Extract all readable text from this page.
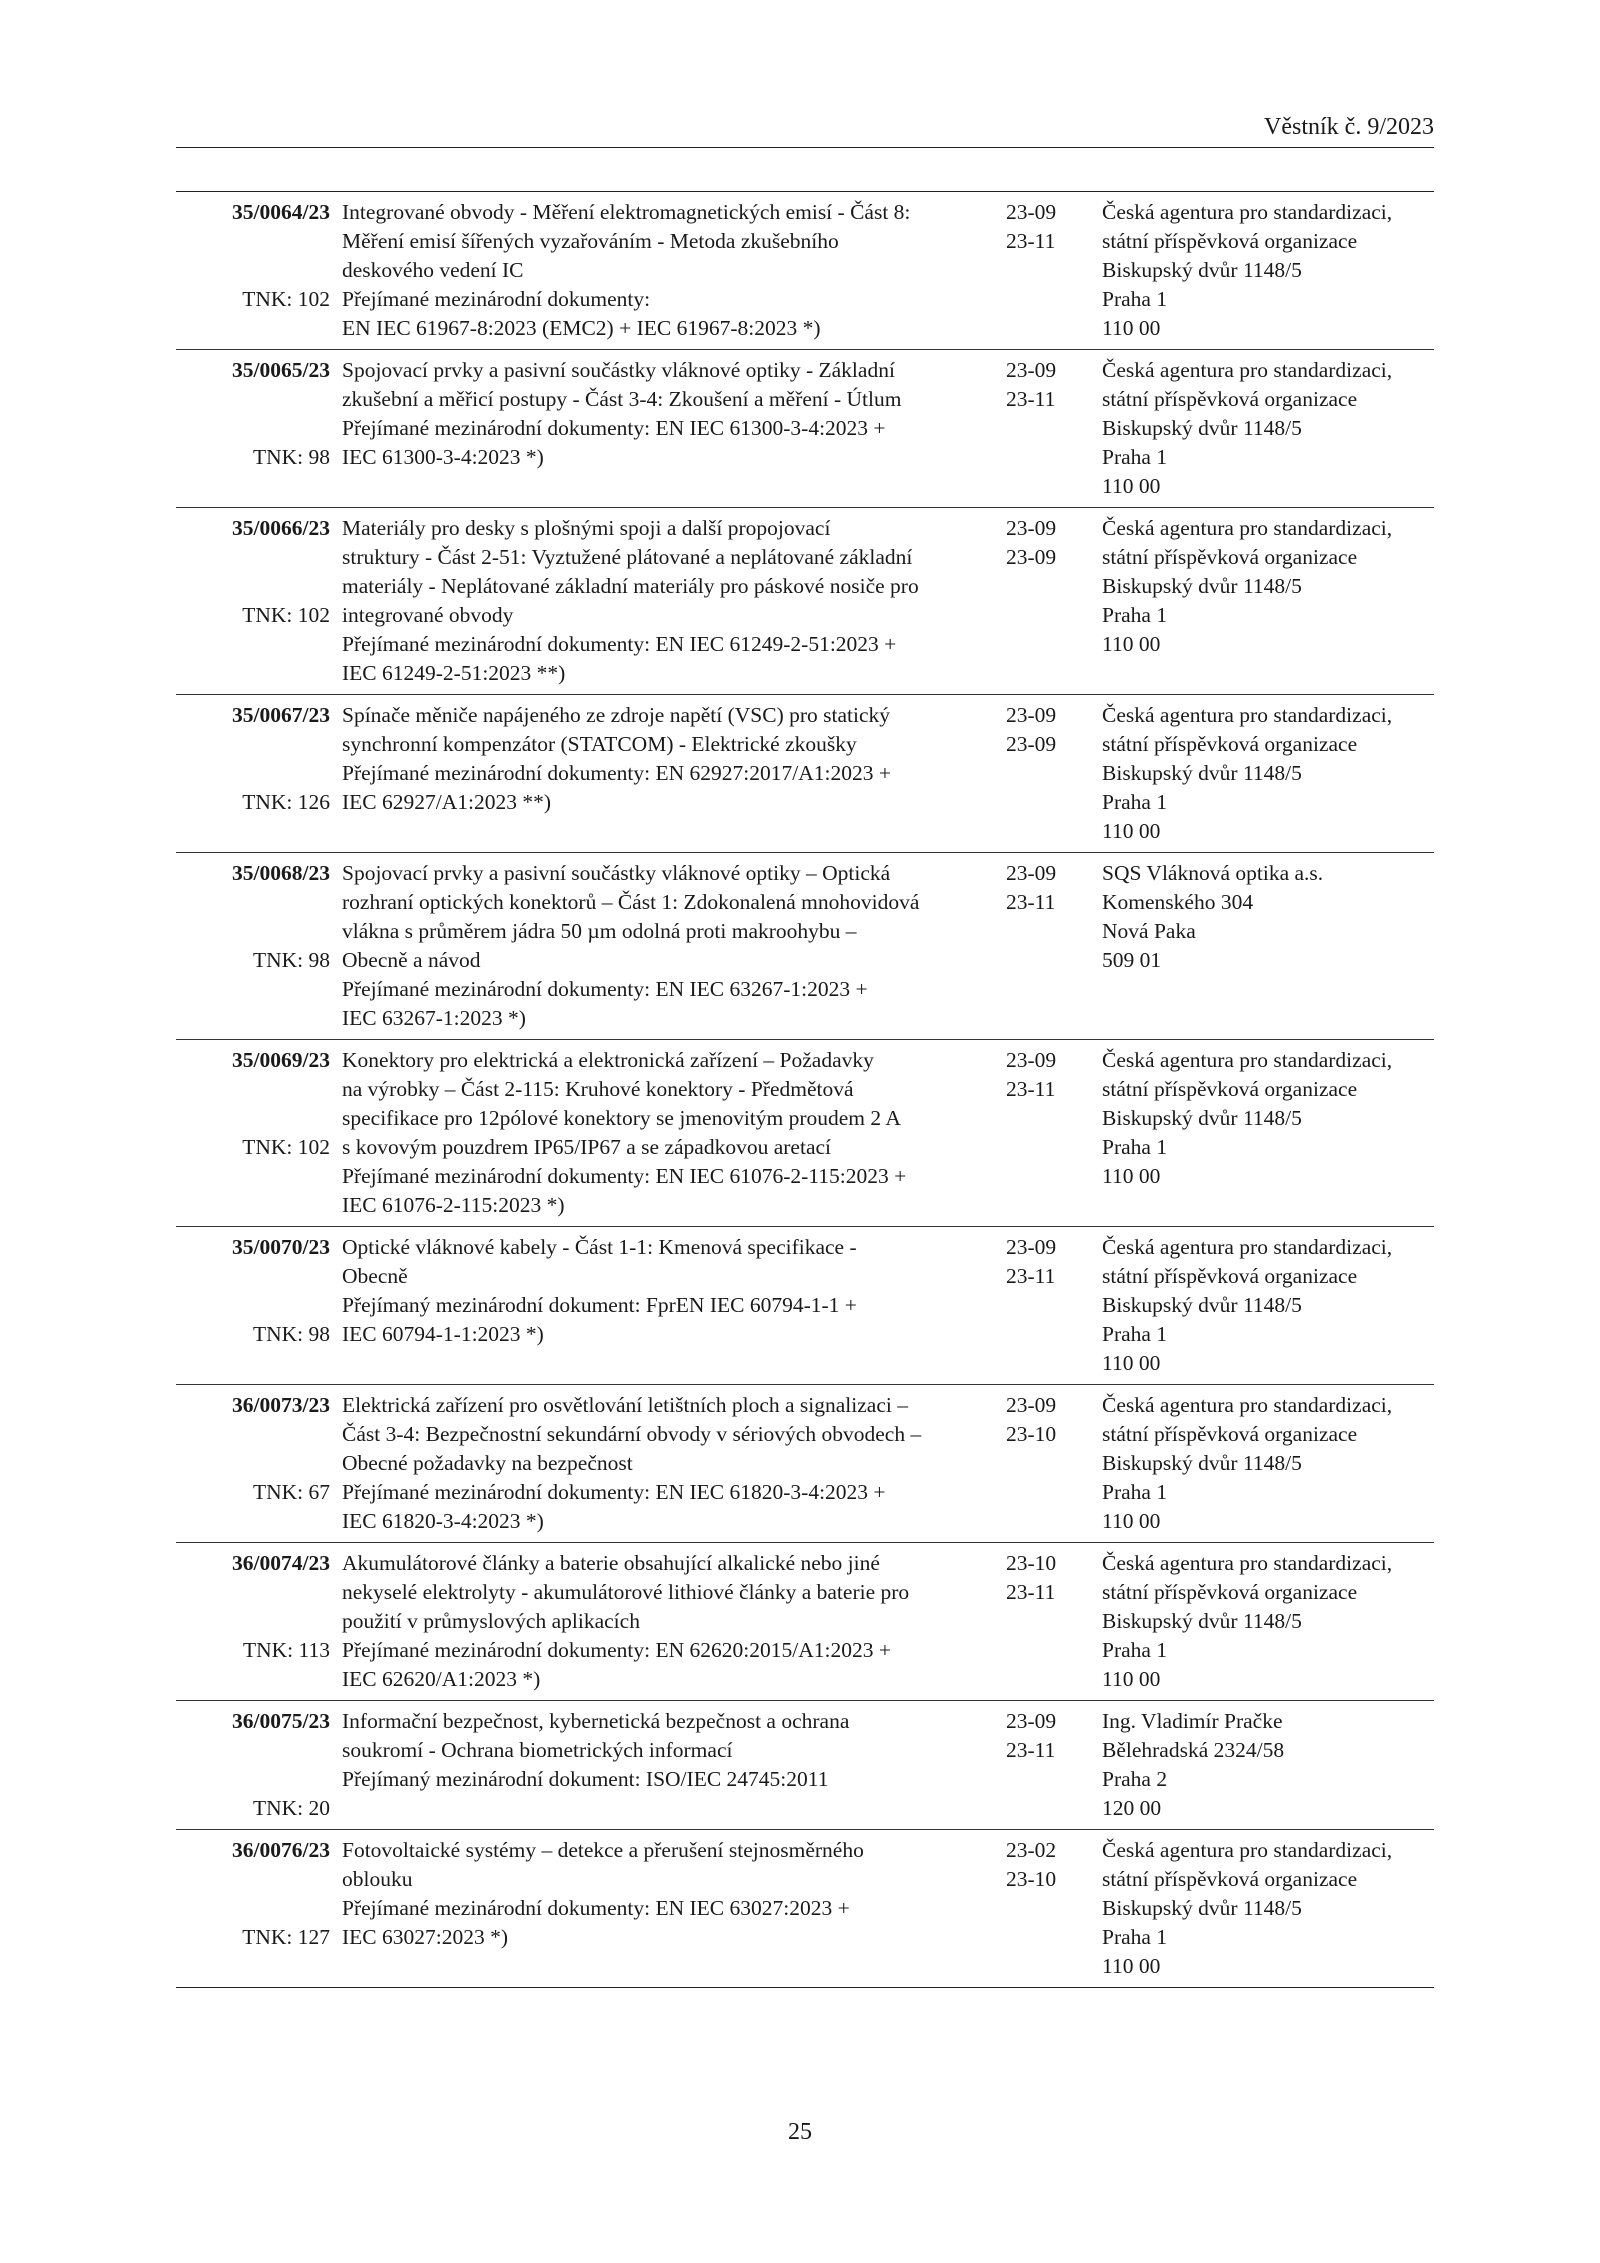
Věstník č. 9/2023
35/0064/23
TNK: 102
Integrované obvody - Měření elektromagnetických emisí - Část 8:
Měření emisí šířených vyzařováním - Metoda zkušebního
deskového vedení IC
Přejímané mezinárodní dokumenty:
EN IEC 61967-8:2023 (EMC2) + IEC 61967-8:2023 *)
23-09
23-11
Česká agentura pro standardizaci,
státní příspěvková organizace
Biskupský dvůr 1148/5
Praha 1
110 00
35/0065/23
TNK: 98
Spojovací prvky a pasivní součástky vláknové optiky - Základní
zkušební a měřicí postupy - Část 3-4: Zkoušení a měření - Útlum
Přejímané mezinárodní dokumenty: EN IEC 61300-3-4:2023 +
IEC 61300-3-4:2023 *)
23-09
23-11
Česká agentura pro standardizaci,
státní příspěvková organizace
Biskupský dvůr 1148/5
Praha 1
110 00
35/0066/23
TNK: 102
Materiály pro desky s plošnými spoji a další propojovací
struktury - Část 2-51: Vyztužené plátované a neplátované základní
materiály - Neplátované základní materiály pro páskové nosiče pro
integrované obvody
Přejímané mezinárodní dokumenty: EN IEC 61249-2-51:2023 +
IEC 61249-2-51:2023 **)
23-09
23-09
Česká agentura pro standardizaci,
státní příspěvková organizace
Biskupský dvůr 1148/5
Praha 1
110 00
35/0067/23
TNK: 126
Spínače měniče napájeného ze zdroje napětí (VSC) pro statický
synchronní kompenzátor (STATCOM) - Elektrické zkoušky
Přejímané mezinárodní dokumenty: EN 62927:2017/A1:2023 +
IEC 62927/A1:2023 **)
23-09
23-09
Česká agentura pro standardizaci,
státní příspěvková organizace
Biskupský dvůr 1148/5
Praha 1
110 00
35/0068/23
TNK: 98
Spojovací prvky a pasivní součástky vláknové optiky – Optická
rozhraní optických konektorů – Část 1: Zdokonalená mnohovidová
vlákna s průměrem jádra 50 µm odolná proti makroohybu –
Obecně a návod
Přejímané mezinárodní dokumenty: EN IEC 63267-1:2023 +
IEC 63267-1:2023 *)
23-09
23-11
SQS Vláknová optika a.s.
Komenského 304
Nová Paka
509 01
35/0069/23
TNK: 102
Konektory pro elektrická a elektronická zařízení – Požadavky
na výrobky – Část 2-115: Kruhové konektory - Předmětová
specifikace pro 12pólové konektory se jmenovitým proudem 2 A
s kovovým pouzdrem IP65/IP67 a se západkovou aretací
Přejímané mezinárodní dokumenty: EN IEC 61076-2-115:2023 +
IEC 61076-2-115:2023 *)
23-09
23-11
Česká agentura pro standardizaci,
státní příspěvková organizace
Biskupský dvůr 1148/5
Praha 1
110 00
35/0070/23
TNK: 98
Optické vláknové kabely - Část 1-1: Kmenová specifikace -
Obecně
Přejímaný mezinárodní dokument: FprEN IEC 60794-1-1 +
IEC 60794-1-1:2023 *)
23-09
23-11
Česká agentura pro standardizaci,
státní příspěvková organizace
Biskupský dvůr 1148/5
Praha 1
110 00
36/0073/23
TNK: 67
Elektrická zařízení pro osvětlování letištních ploch a signalizaci –
Část 3-4: Bezpečnostní sekundární obvody v sériových obvodech –
Obecné požadavky na bezpečnost
Přejímané mezinárodní dokumenty: EN IEC 61820-3-4:2023 +
IEC 61820-3-4:2023 *)
23-09
23-10
Česká agentura pro standardizaci,
státní příspěvková organizace
Biskupský dvůr 1148/5
Praha 1
110 00
36/0074/23
TNK: 113
Akumulátorové články a baterie obsahující alkalické nebo jiné
nekyselé elektrolyty - akumulátorové lithiové články a baterie pro
použití v průmyslových aplikacích
Přejímané mezinárodní dokumenty: EN 62620:2015/A1:2023 +
IEC 62620/A1:2023 *)
23-10
23-11
Česká agentura pro standardizaci,
státní příspěvková organizace
Biskupský dvůr 1148/5
Praha 1
110 00
36/0075/23
TNK: 20
Informační bezpečnost, kybernetická bezpečnost a ochrana
soukromí - Ochrana biometrických informací
Přejímaný mezinárodní dokument: ISO/IEC 24745:2011
23-09
23-11
Ing. Vladimír Pračke
Bělehradská 2324/58
Praha 2
120 00
36/0076/23
TNK: 127
Fotovoltaické systémy – detekce a přerušení stejnosměrného
oblouku
Přejímané mezinárodní dokumenty: EN IEC 63027:2023 +
IEC 63027:2023 *)
23-02
23-10
Česká agentura pro standardizaci,
státní příspěvková organizace
Biskupský dvůr 1148/5
Praha 1
110 00
25
